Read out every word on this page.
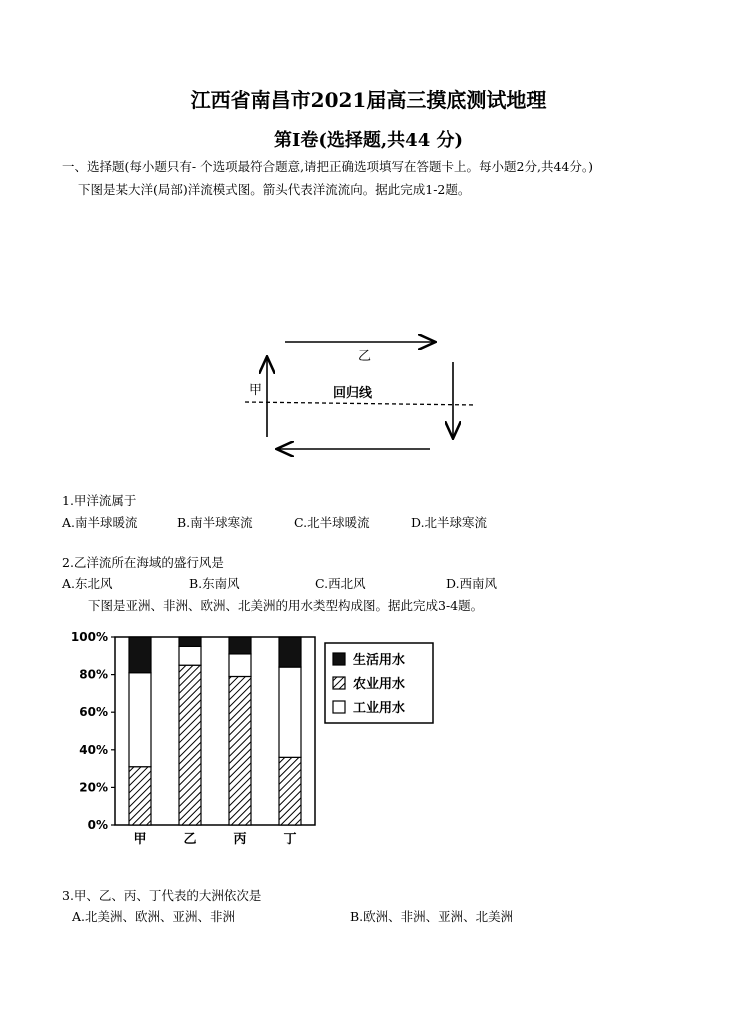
江西省南昌市2021届高三摸底测试地理
第I卷(选择题,共44 分)
一、选择题(每小题只有- 个选项最符合题意,请把正确选项填写在答题卡上。每小题2分,共44分。)
下图是某大洋(局部)洋流模式图。箭头代表洋流流向。据此完成1-2题。
乙
甲	回归线
1.甲洋流属于
A.南半球暖流	B.南半球寒流	C.北半球暖流	D.北半球寒流
2.乙洋流所在海域的盛行风是
A.东北风	B.东南风	C.西北风	D.西南风
下图是亚洲、非洲、欧洲、北美洲的用水类型构成图。据此完成3-4题。
0%
20%
40%
60%
80%
100%
甲	乙	丙	丁
生活用水
农业用水
工业用水
3.甲、乙、丙、丁代表的大洲依次是
A.北美洲、欧洲、亚洲、非洲	B.欧洲、非洲、亚洲、北美洲
